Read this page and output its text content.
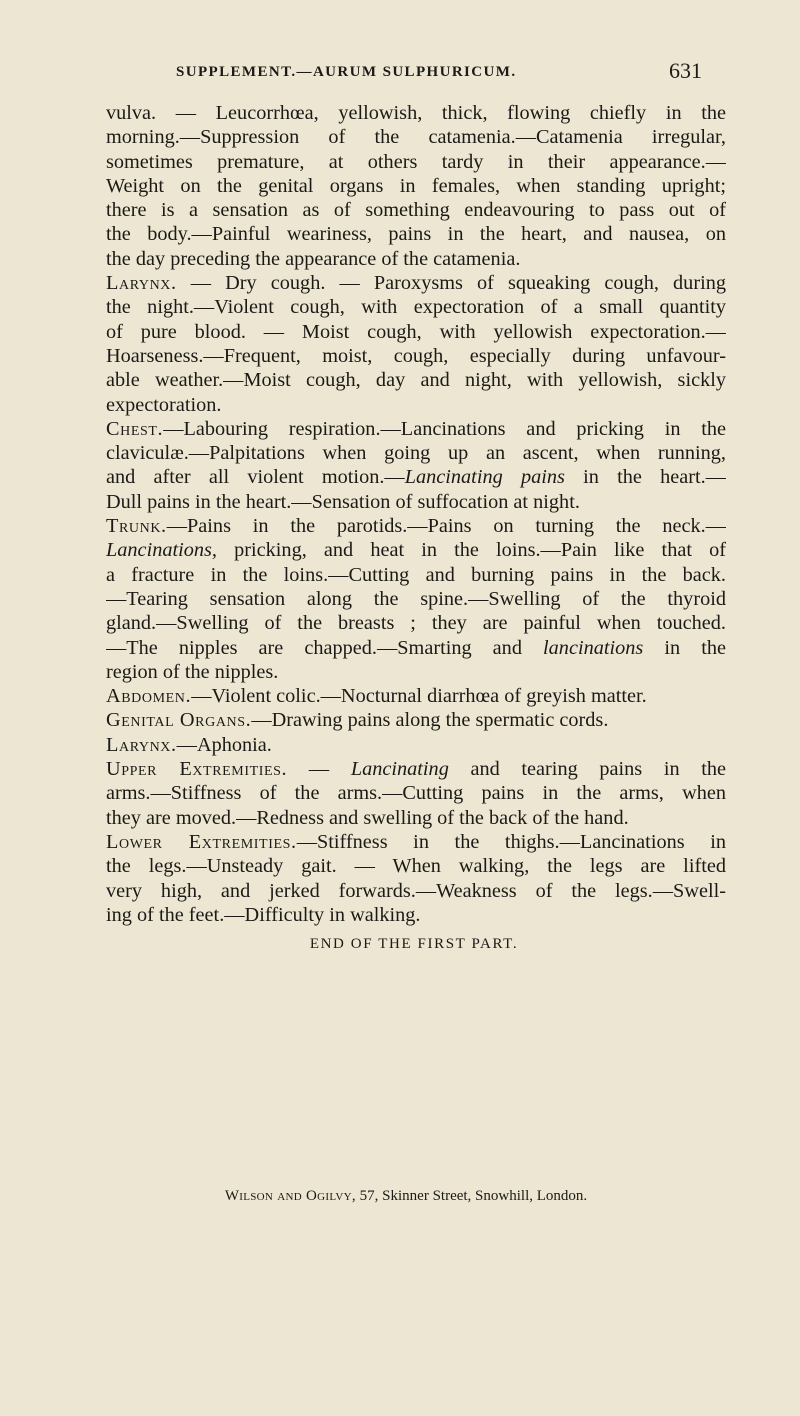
SUPPLEMENT.—AURUM SULPHURICUM.	631
vulva. — Leucorrhœa, yellowish, thick, flowing chiefly in the
morning.—Suppression of the catamenia.—Catamenia irregular,
sometimes premature, at others tardy in their appearance.—
Weight on the genital organs in females, when standing upright;
there is a sensation as of something endeavouring to pass out of
the body.—Painful weariness, pains in the heart, and nausea, on
the day preceding the appearance of the catamenia.
Larynx. — Dry cough. — Paroxysms of squeaking cough, during
the night.—Violent cough, with expectoration of a small quantity
of pure blood. — Moist cough, with yellowish expectoration.—
Hoarseness.—Frequent, moist, cough, especially during unfavour-
able weather.—Moist cough, day and night, with yellowish, sickly
expectoration.
Chest.—Labouring respiration.—Lancinations and pricking in the
claviculæ.—Palpitations when going up an ascent, when running,
and after all violent motion.—Lancinating pains in the heart.—
Dull pains in the heart.—Sensation of suffocation at night.
Trunk.—Pains in the parotids.—Pains on turning the neck.—
Lancinations, pricking, and heat in the loins.—Pain like that of
a fracture in the loins.—Cutting and burning pains in the back.
—Tearing sensation along the spine.—Swelling of the thyroid
gland.—Swelling of the breasts ; they are painful when touched.
—The nipples are chapped.—Smarting and lancinations in the
region of the nipples.
Abdomen.—Violent colic.—Nocturnal diarrhœa of greyish matter.
Genital Organs.—Drawing pains along the spermatic cords.
Larynx.—Aphonia.
Upper Extremities. — Lancinating and tearing pains in the
arms.—Stiffness of the arms.—Cutting pains in the arms, when
they are moved.—Redness and swelling of the back of the hand.
Lower Extremities.—Stiffness in the thighs.—Lancinations in
the legs.—Unsteady gait. — When walking, the legs are lifted
very high, and jerked forwards.—Weakness of the legs.—Swell-
ing of the feet.—Difficulty in walking.
END OF THE FIRST PART.
Wilson and Ogilvy, 57, Skinner Street, Snowhill, London.
